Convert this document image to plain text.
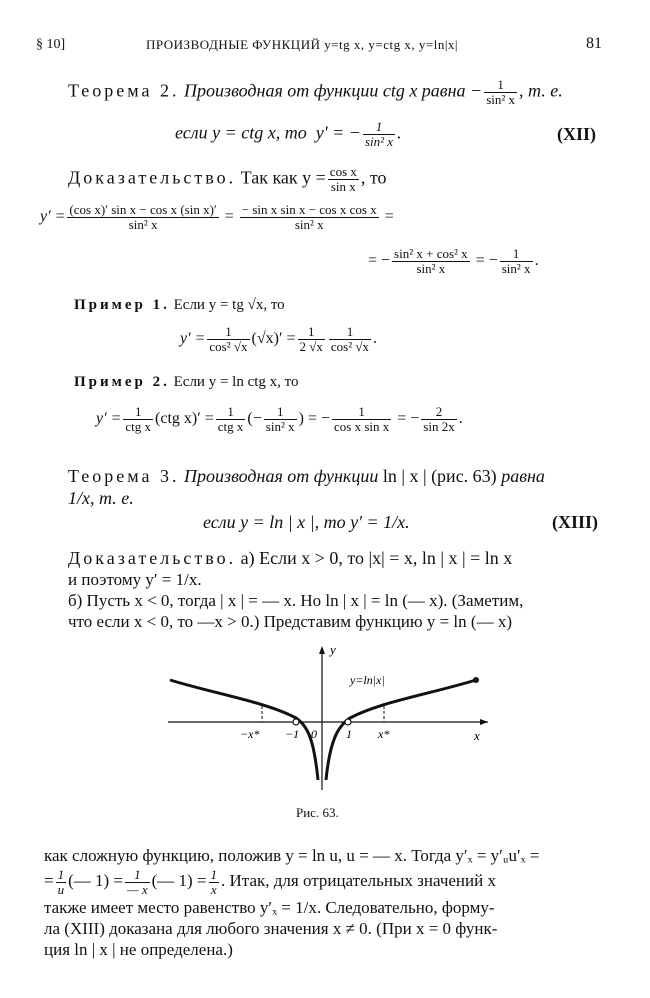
§ 10]	ПРОИЗВОДНЫЕ ФУНКЦИЙ y=tg x, y=ctg x, y=ln|x|	81
Теорема 2. Производная от функции ctg x равна − $\frac{1}{\text{sin² x}}$ , т. е.
если y = ctg x, то y′ = − $\frac{1}{\text{sin² x}}$ .	(XII)
Доказательство. Так как $y = \frac{\text{cos x}}{\text{sin x}}$ , то
$y' = \frac{\text{(cos x)′ sin x − cos x (sin x)′}}{\text{sin² x}} = \frac{\text{− sin x sin x − cos x cos x}}{\text{sin² x}}$ =
= − $\frac{\text{sin² x + cos² x}}{\text{sin² x}}$ = − $\frac{1}{\text{sin² x}}$ .
Пример 1. Если y = tg √x, то
$y' = \frac{1}{\text{cos² √x}} (√x)' = \frac{1}{2 √x} \frac{1}{\text{cos² √x}}$ .
Пример 2. Если y = ln ctg x, то
$y' = \frac{1}{\text{ctg x}} (ctg$ $x)' = \frac{1}{\text{ctg x}}$ (− $\frac{1}{\text{sin² x}}$ ) = − $\frac{1}{\text{cos x sin x}}$ = − $\frac{2}{\sin 2x}$ .
Теорема 3. Производная от функции ln | x | (рис. 63) равна
1/x, т. е.
если y = ln | x |, то y′ = 1/x.	(XIII)
Доказательство. а) Если x > 0, то |x| = x, ln | x | = ln x
и поэтому y′ = 1/x.
б) Пусть x < 0, тогда | x | = — x. Но ln | x | = ln (— x). (Заметим,
что если x < 0, то —x > 0.) Представим функцию y = ln (— x)
y
x
y=ln|x|
−x* −1 0 1 x*
Рис. 63.
как сложную функцию, положив y = ln u, u = — x. Тогда y′ₓ = y′ᵤu′ₓ =
= $\frac{1}{u}$ (— $1) = \frac{1}{— x}$ (— $1) = \frac{1}{x}$ . Итак, для отрицательных значений x
также имеет место равенство y′ₓ = 1/x. Следовательно, форму-
ла (XIII) доказана для любого значения x ≠ 0. (При x = 0 функ-
ция ln | x | не определена.)
